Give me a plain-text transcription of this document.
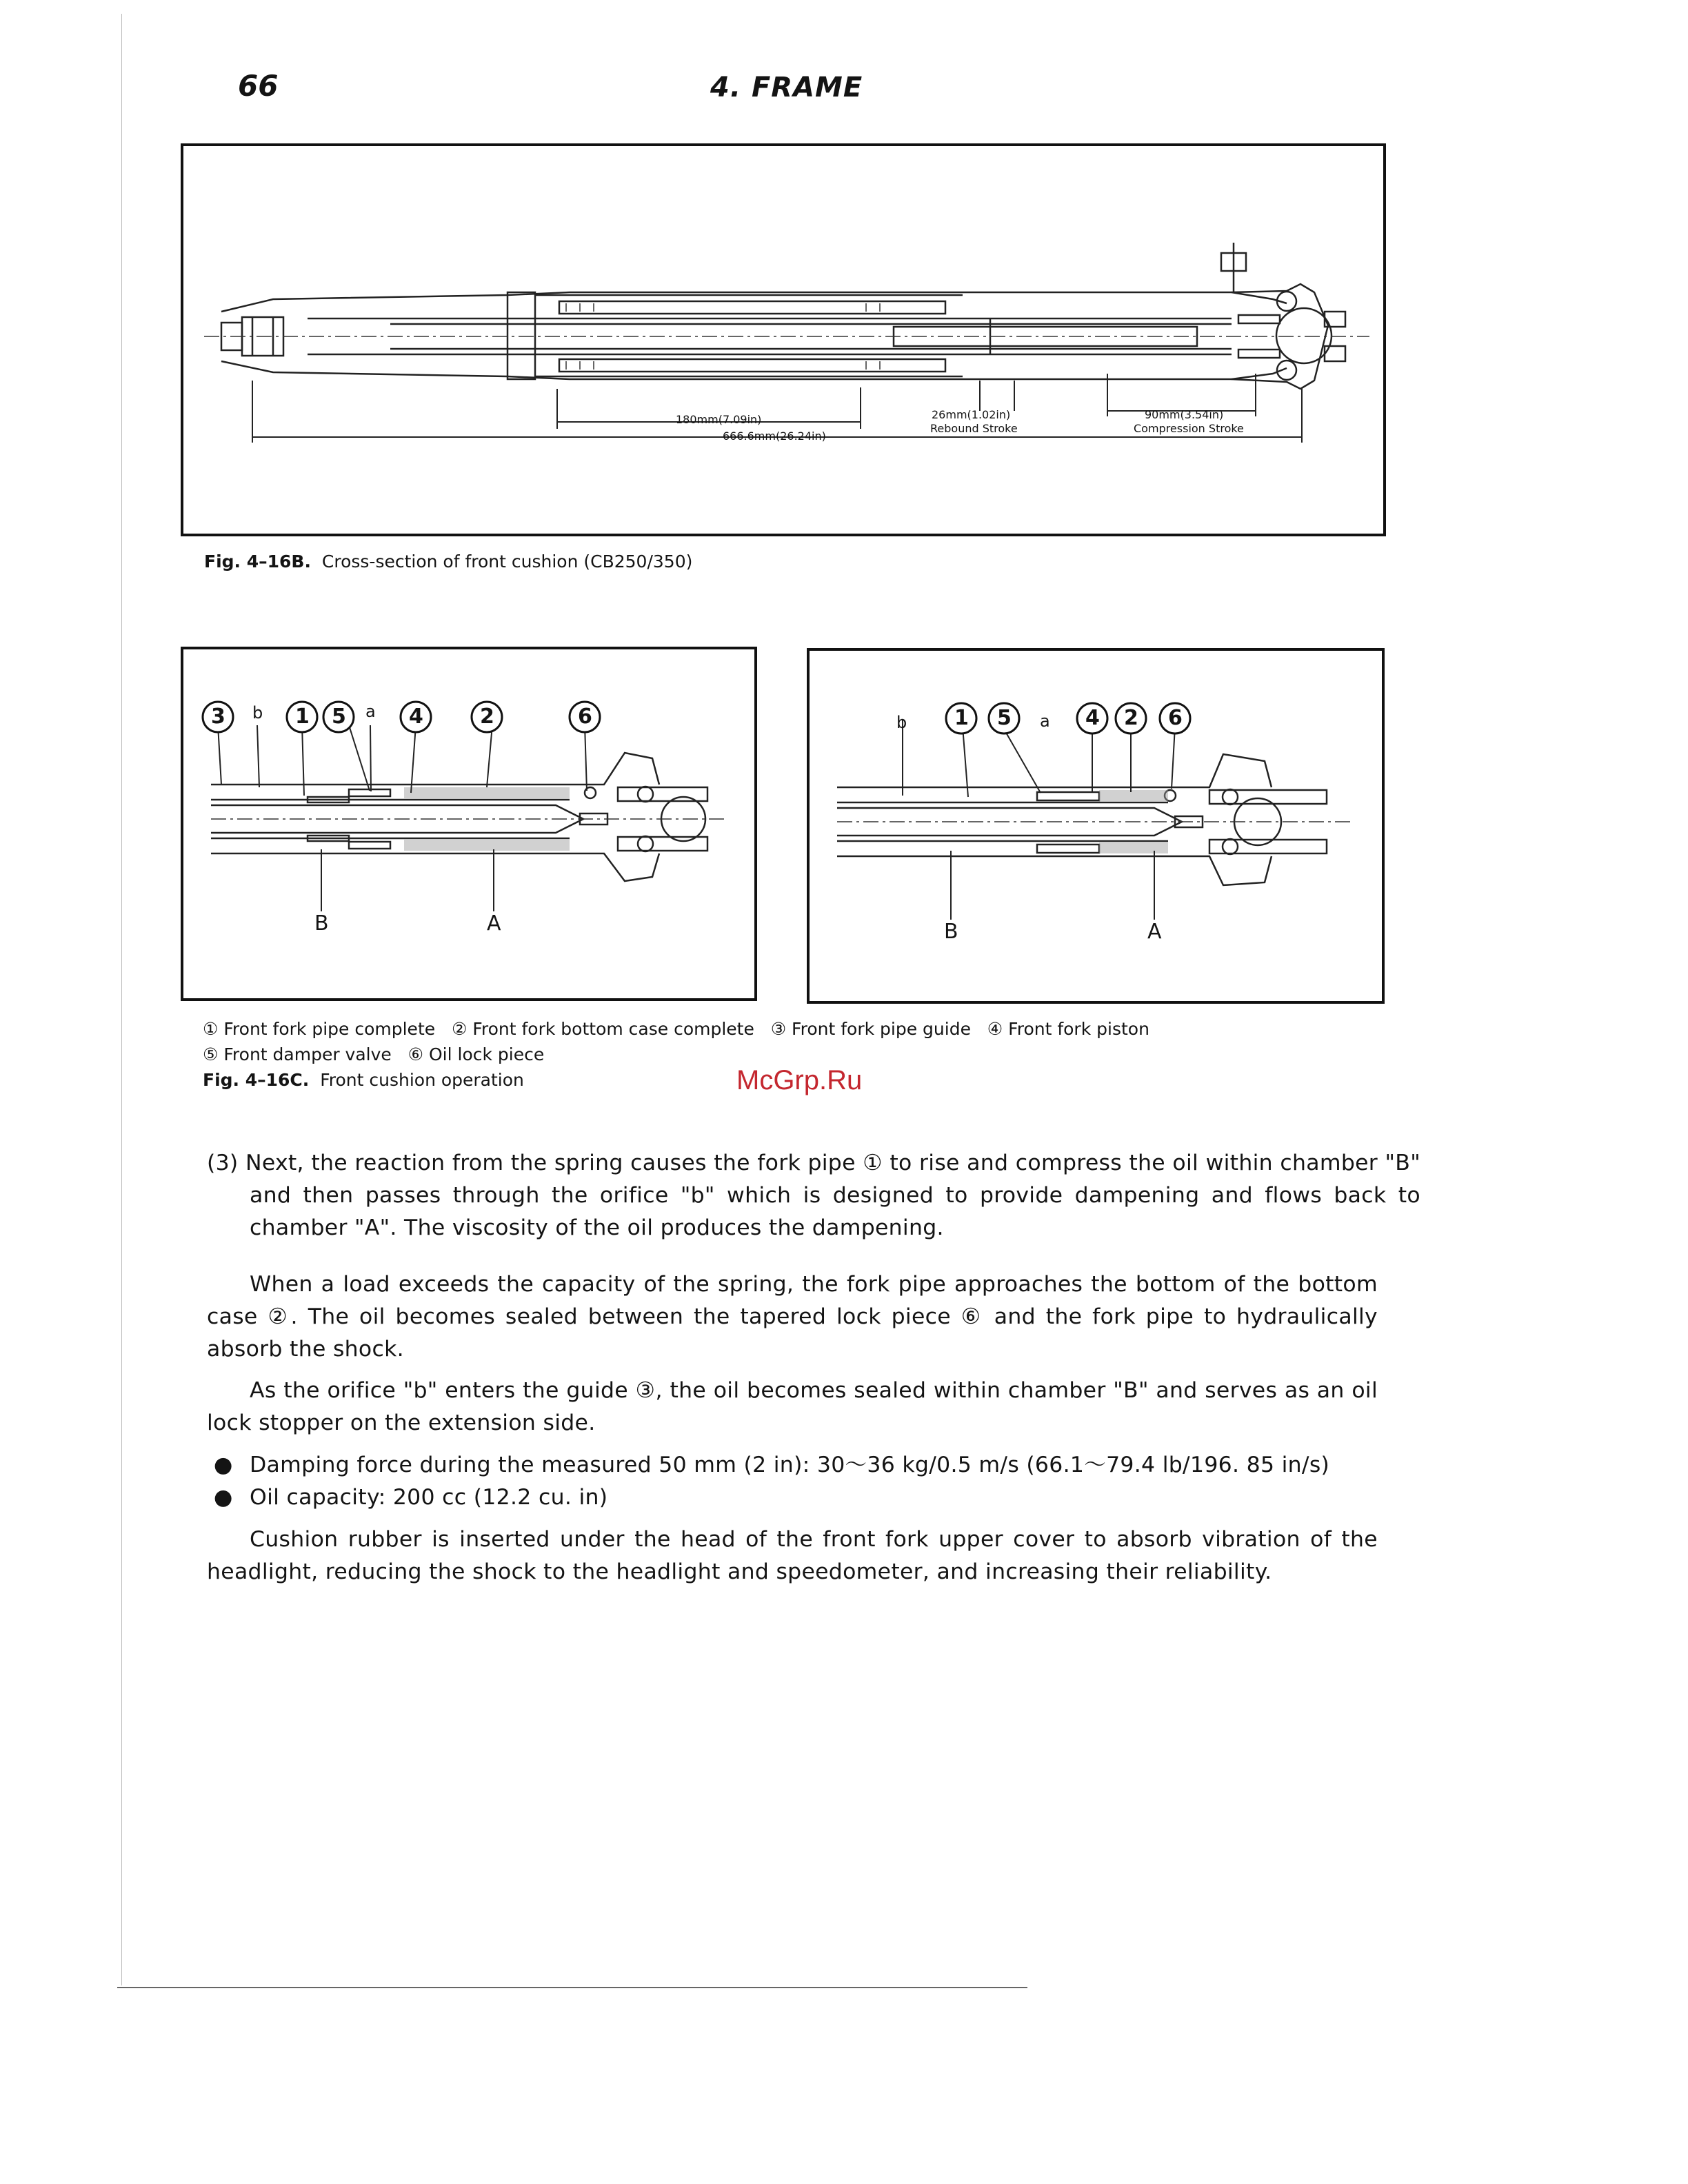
66	4. FRAME
180mm(7.09in)
666.6mm(26.24in)
26mm(1.02in)
Rebound Stroke
90mm(3.54in)
Compression Stroke
Fig. 4–16B. Cross-section of front cushion (CB250/350)
3 b 1 5 a 4	2	6
B	A
b 1 5 a 4 2 6
B	A
① Front fork pipe complete   ② Front fork bottom case complete   ③ Front fork pipe guide   ④ Front fork piston
⑤ Front damper valve   ⑥ Oil lock piece
Fig. 4–16C. Front cushion operation	McGrp.Ru
(3) Next, the reaction from the spring causes the fork pipe ① to rise and compress the oil within chamber "B" and then passes through the orifice "b" which is designed to provide dampening and flows back to chamber "A". The viscosity of the oil produces the dampening.
When a load exceeds the capacity of the spring, the fork pipe approaches the bottom of the bottom case ②. The oil becomes sealed between the tapered lock piece ⑥ and the fork pipe to hydraulically absorb the shock.
As the orifice "b" enters the guide ③, the oil becomes sealed within chamber "B" and serves as an oil lock stopper on the extension side.
● Damping force during the measured 50 mm (2 in): 30～36 kg/0.5 m/s (66.1～79.4 lb/196. 85 in/s)
● Oil capacity: 200 cc (12.2 cu. in)
Cushion rubber is inserted under the head of the front fork upper cover to absorb vibration of the headlight, reducing the shock to the headlight and speedometer, and increasing their reliability.
